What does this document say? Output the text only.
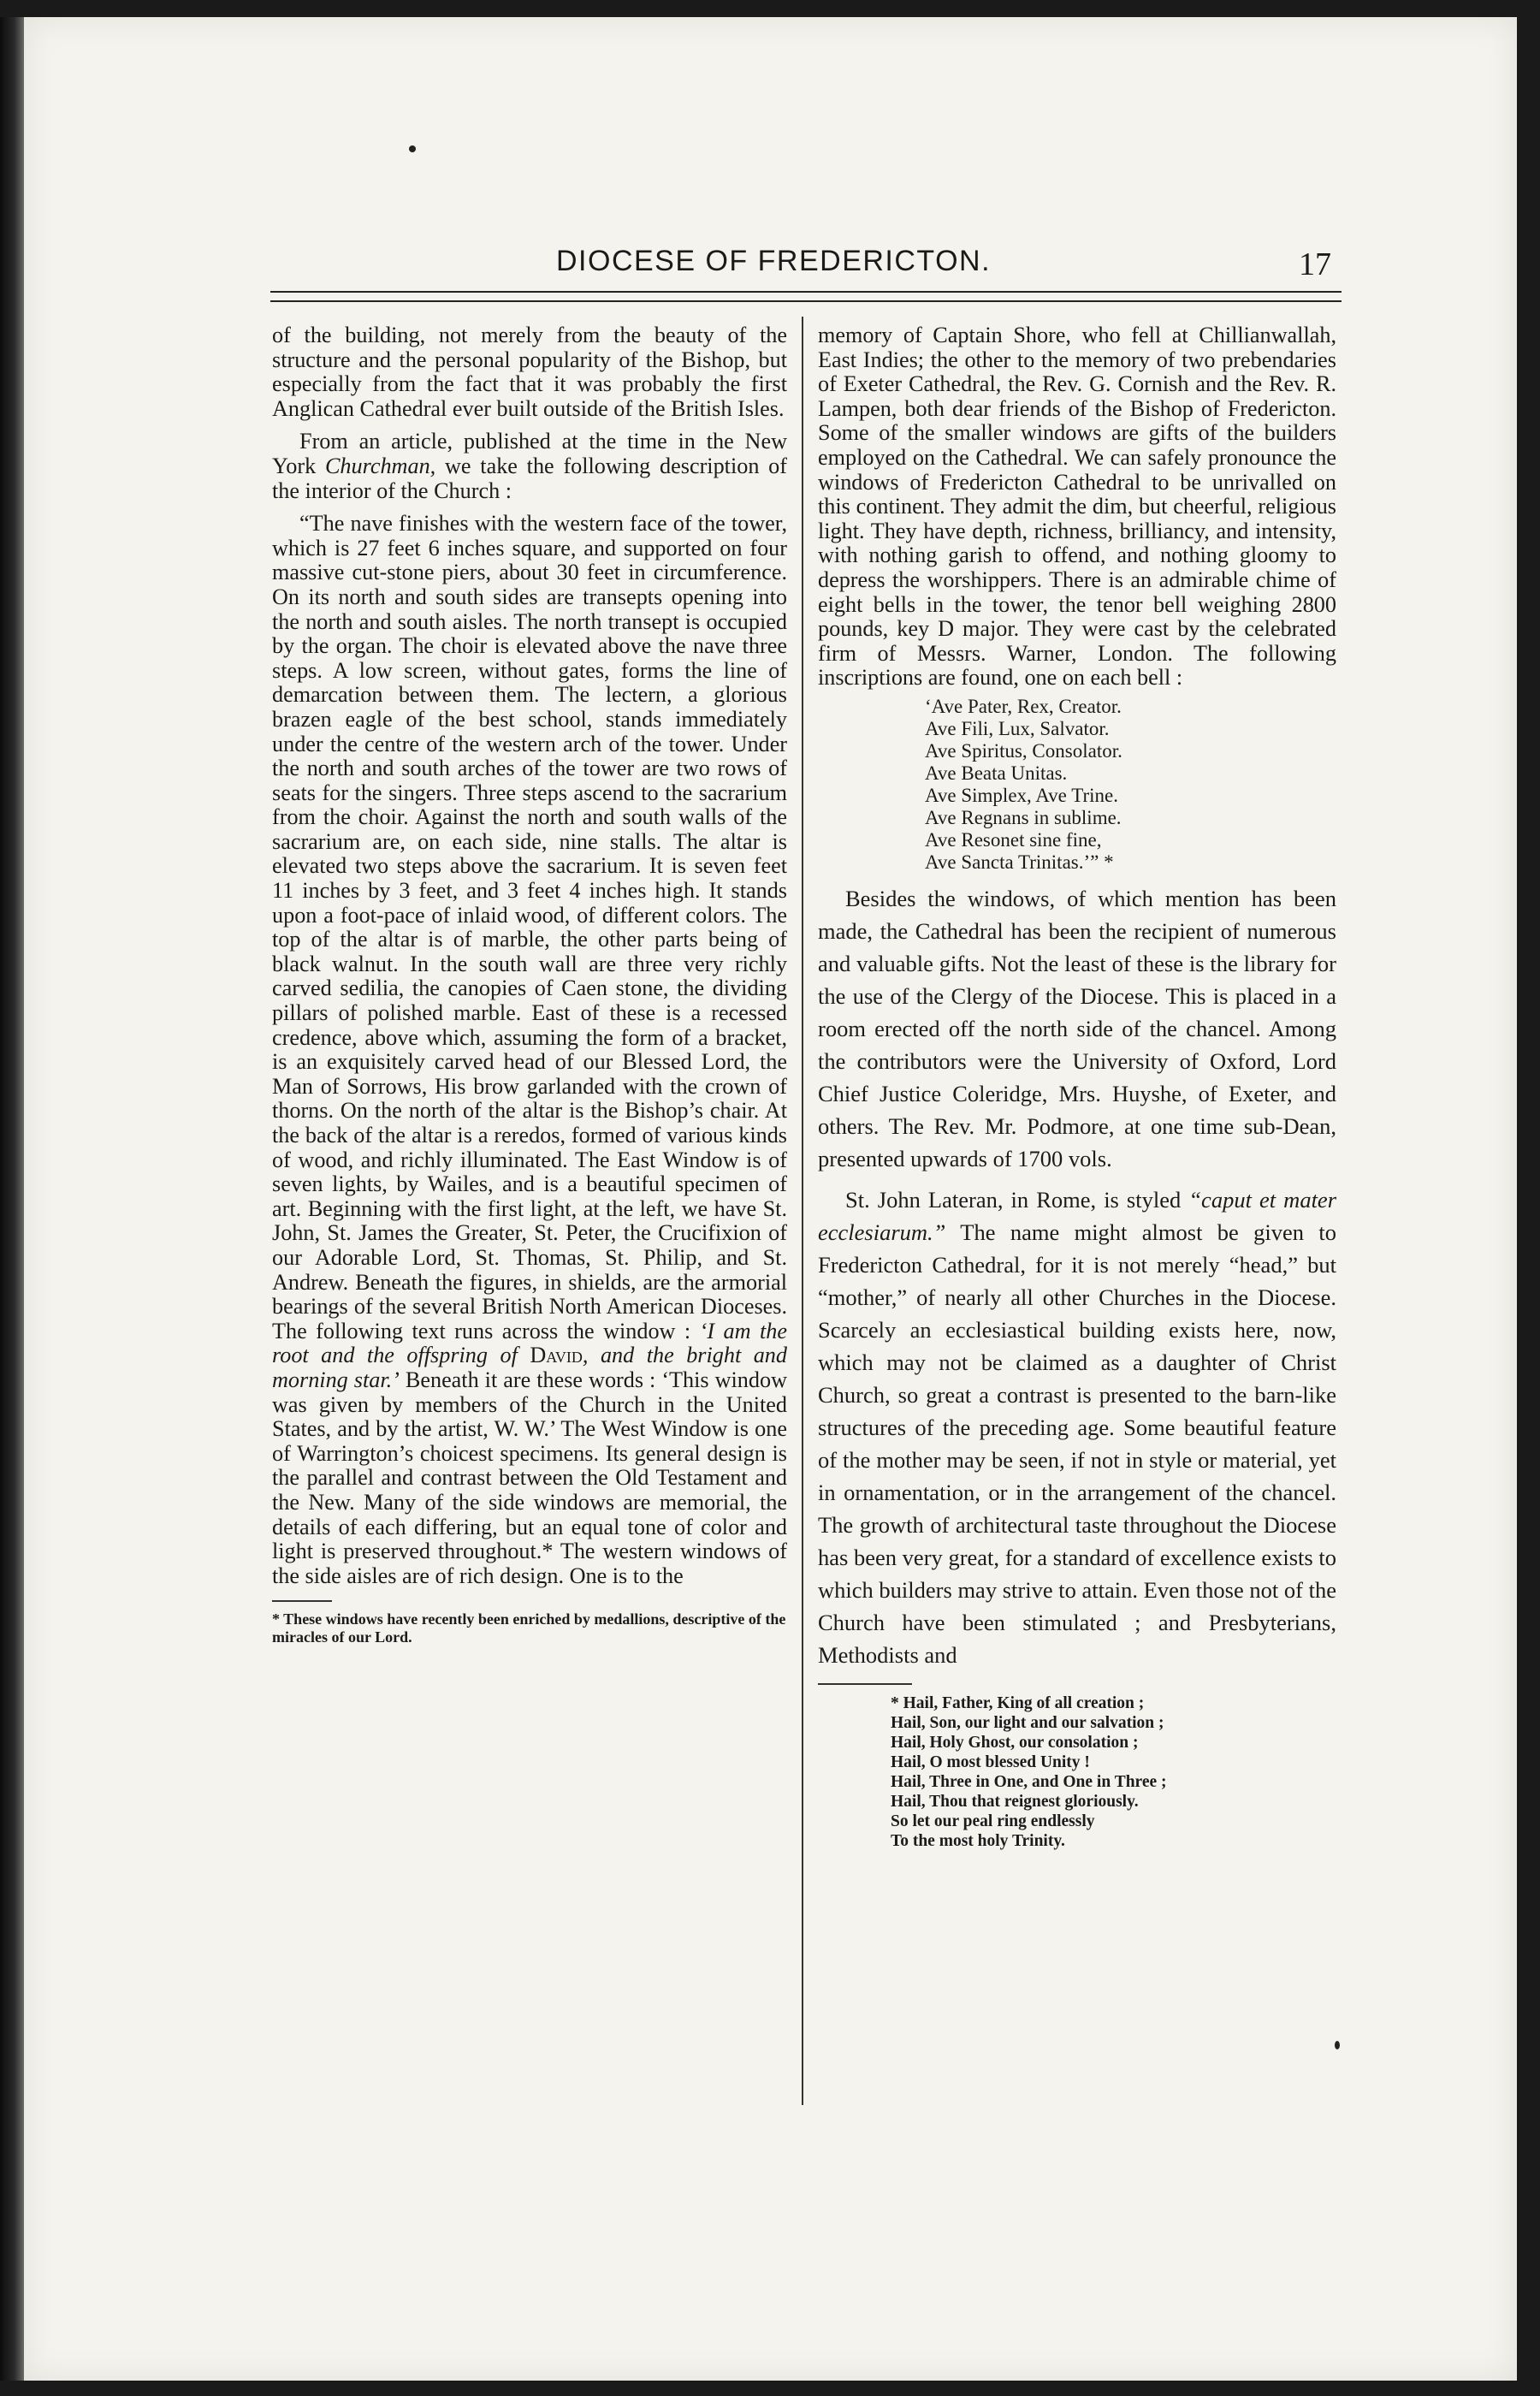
DIOCESE OF FREDERICTON.	17

of the building, not merely from the beauty of the structure and the personal popularity of the Bishop, but especially from the fact that it was probably the first Anglican Cathedral ever built outside of the British Isles.

From an article, published at the time in the New York Churchman, we take the following description of the interior of the Church :

“The nave finishes with the western face of the tower, which is 27 feet 6 inches square, and supported on four massive cut-stone piers, about 30 feet in circumference. On its north and south sides are transepts opening into the north and south aisles. The north transept is occupied by the organ. The choir is elevated above the nave three steps. A low screen, without gates, forms the line of demarcation between them. The lectern, a glorious brazen eagle of the best school, stands immediately under the centre of the western arch of the tower. Under the north and south arches of the tower are two rows of seats for the singers. Three steps ascend to the sacrarium from the choir. Against the north and south walls of the sacrarium are, on each side, nine stalls. The altar is elevated two steps above the sacrarium. It is seven feet 11 inches by 3 feet, and 3 feet 4 inches high. It stands upon a foot-pace of inlaid wood, of different colors. The top of the altar is of marble, the other parts being of black walnut. In the south wall are three very richly carved sedilia, the canopies of Caen stone, the dividing pillars of polished marble. East of these is a recessed credence, above which, assuming the form of a bracket, is an exquisitely carved head of our Blessed Lord, the Man of Sorrows, His brow garlanded with the crown of thorns. On the north of the altar is the Bishop’s chair. At the back of the altar is a reredos, formed of various kinds of wood, and richly illuminated. The East Window is of seven lights, by Wailes, and is a beautiful specimen of art. Beginning with the first light, at the left, we have St. John, St. James the Greater, St. Peter, the Crucifixion of our Adorable Lord, St. Thomas, St. Philip, and St. Andrew. Beneath the figures, in shields, are the armorial bearings of the several British North American Dioceses. The following text runs across the window : ‘I am the root and the offspring of David, and the bright and morning star.’ Beneath it are these words : ‘This window was given by members of the Church in the United States, and by the artist, W. W.’ The West Window is one of Warrington’s choicest specimens. Its general design is the parallel and contrast between the Old Testament and the New. Many of the side windows are memorial, the details of each differing, but an equal tone of color and light is preserved throughout.* The western windows of the side aisles are of rich design. One is to the

* These windows have recently been enriched by medallions, descriptive of the miracles of our Lord.

memory of Captain Shore, who fell at Chillianwallah, East Indies; the other to the memory of two prebendaries of Exeter Cathedral, the Rev. G. Cornish and the Rev. R. Lampen, both dear friends of the Bishop of Fredericton. Some of the smaller windows are gifts of the builders employed on the Cathedral. We can safely pronounce the windows of Fredericton Cathedral to be unrivalled on this continent. They admit the dim, but cheerful, religious light. They have depth, richness, brilliancy, and intensity, with nothing garish to offend, and nothing gloomy to depress the worshippers. There is an admirable chime of eight bells in the tower, the tenor bell weighing 2800 pounds, key D major. They were cast by the celebrated firm of Messrs. Warner, London. The following inscriptions are found, one on each bell :

‘Ave Pater, Rex, Creator.
Ave Fili, Lux, Salvator.
Ave Spiritus, Consolator.
Ave Beata Unitas.
Ave Simplex, Ave Trine.
Ave Regnans in sublime.
Ave Resonet sine fine,
Ave Sancta Trinitas.’” *

Besides the windows, of which mention has been made, the Cathedral has been the recipient of numerous and valuable gifts. Not the least of these is the library for the use of the Clergy of the Diocese. This is placed in a room erected off the north side of the chancel. Among the contributors were the University of Oxford, Lord Chief Justice Coleridge, Mrs. Huyshe, of Exeter, and others. The Rev. Mr. Podmore, at one time sub-Dean, presented upwards of 1700 vols.

St. John Lateran, in Rome, is styled “caput et mater ecclesiarum.” The name might almost be given to Fredericton Cathedral, for it is not merely “head,” but “mother,” of nearly all other Churches in the Diocese. Scarcely an ecclesiastical building exists here, now, which may not be claimed as a daughter of Christ Church, so great a contrast is presented to the barn-like structures of the preceding age. Some beautiful feature of the mother may be seen, if not in style or material, yet in ornamentation, or in the arrangement of the chancel. The growth of architectural taste throughout the Diocese has been very great, for a standard of excellence exists to which builders may strive to attain. Even those not of the Church have been stimulated ; and Presbyterians, Methodists and

* Hail, Father, King of all creation ;
Hail, Son, our light and our salvation ;
Hail, Holy Ghost, our consolation ;
Hail, O most blessed Unity !
Hail, Three in One, and One in Three ;
Hail, Thou that reignest gloriously.
So let our peal ring endlessly
To the most holy Trinity.
